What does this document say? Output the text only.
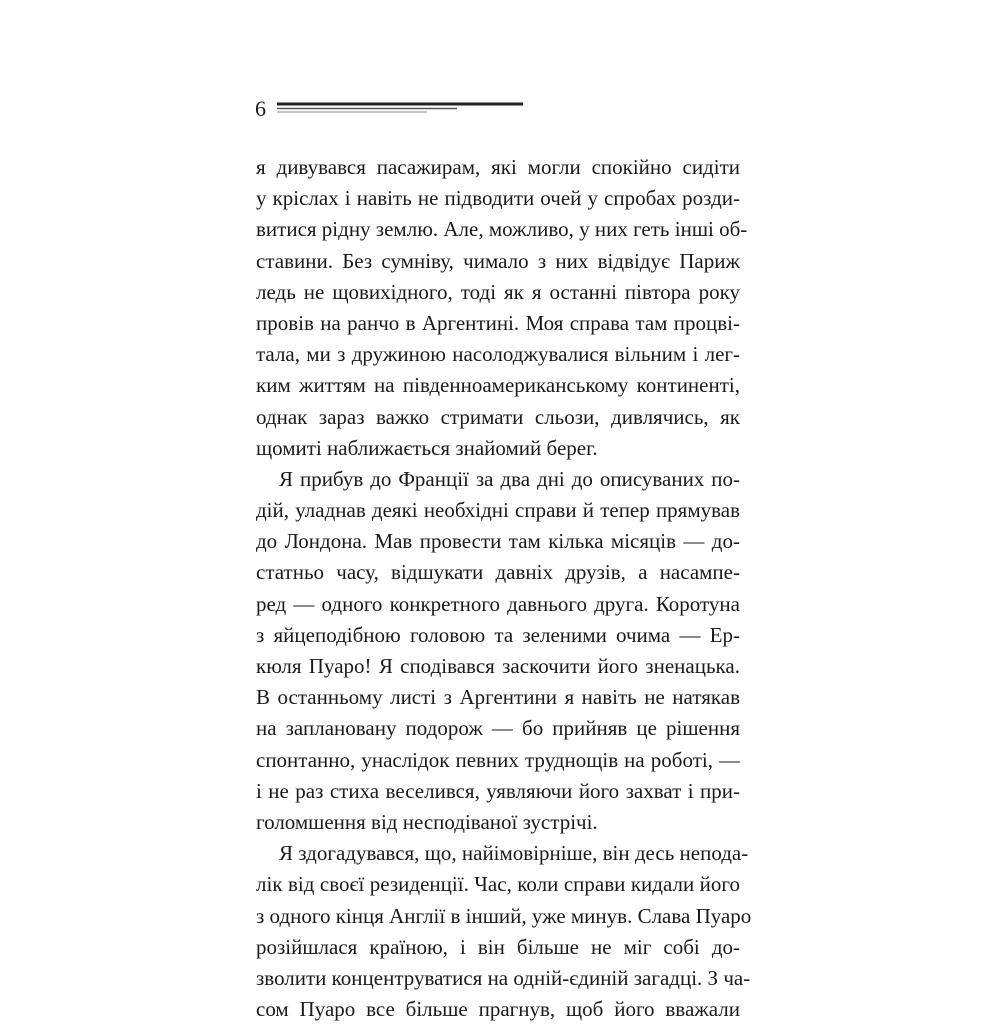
6
я дивувався пасажирам, які могли спокійно сидіти
у кріслах і навіть не підводити очей у спробах розди-
витися рідну землю. Але, можливо, у них геть інші об-
ставини. Без сумніву, чимало з них відвідує Париж
ледь не щовихідного, тоді як я останні півтора року
провів на ранчо в Аргентині. Моя справа там процві-
тала, ми з дружиною насолоджувалися вільним і лег-
ким життям на південноамериканському континенті,
однак зараз важко стримати сльози, дивлячись, як
щомиті наближається знайомий берег.
Я прибув до Франції за два дні до описуваних по-
дій, уладнав деякі необхідні справи й тепер прямував
до Лондона. Мав провести там кілька місяців — до-
статньо часу, відшукати давніх друзів, а насампе-
ред — одного конкретного давнього друга. Коротуна
з яйцеподібною головою та зеленими очима — Ер-
кюля Пуаро! Я сподівався заскочити його зненацька.
В останньому листі з Аргентини я навіть не натякав
на заплановану подорож — бо прийняв це рішення
спонтанно, унаслідок певних труднощів на роботі, —
і не раз стиха веселився, уявляючи його захват і при-
голомшення від несподіваної зустрічі.
Я здогадувався, що, найімовірніше, він десь неподa-
лік від своєї резиденції. Час, коли справи кидали його
з одного кінця Англії в інший, уже минув. Слава Пуаро
розійшлася країною, і він більше не міг собі до-
зволити концентруватися на одній-єдиній загадці. З ча-
сом Пуаро все більше прагнув, щоб його вважали
